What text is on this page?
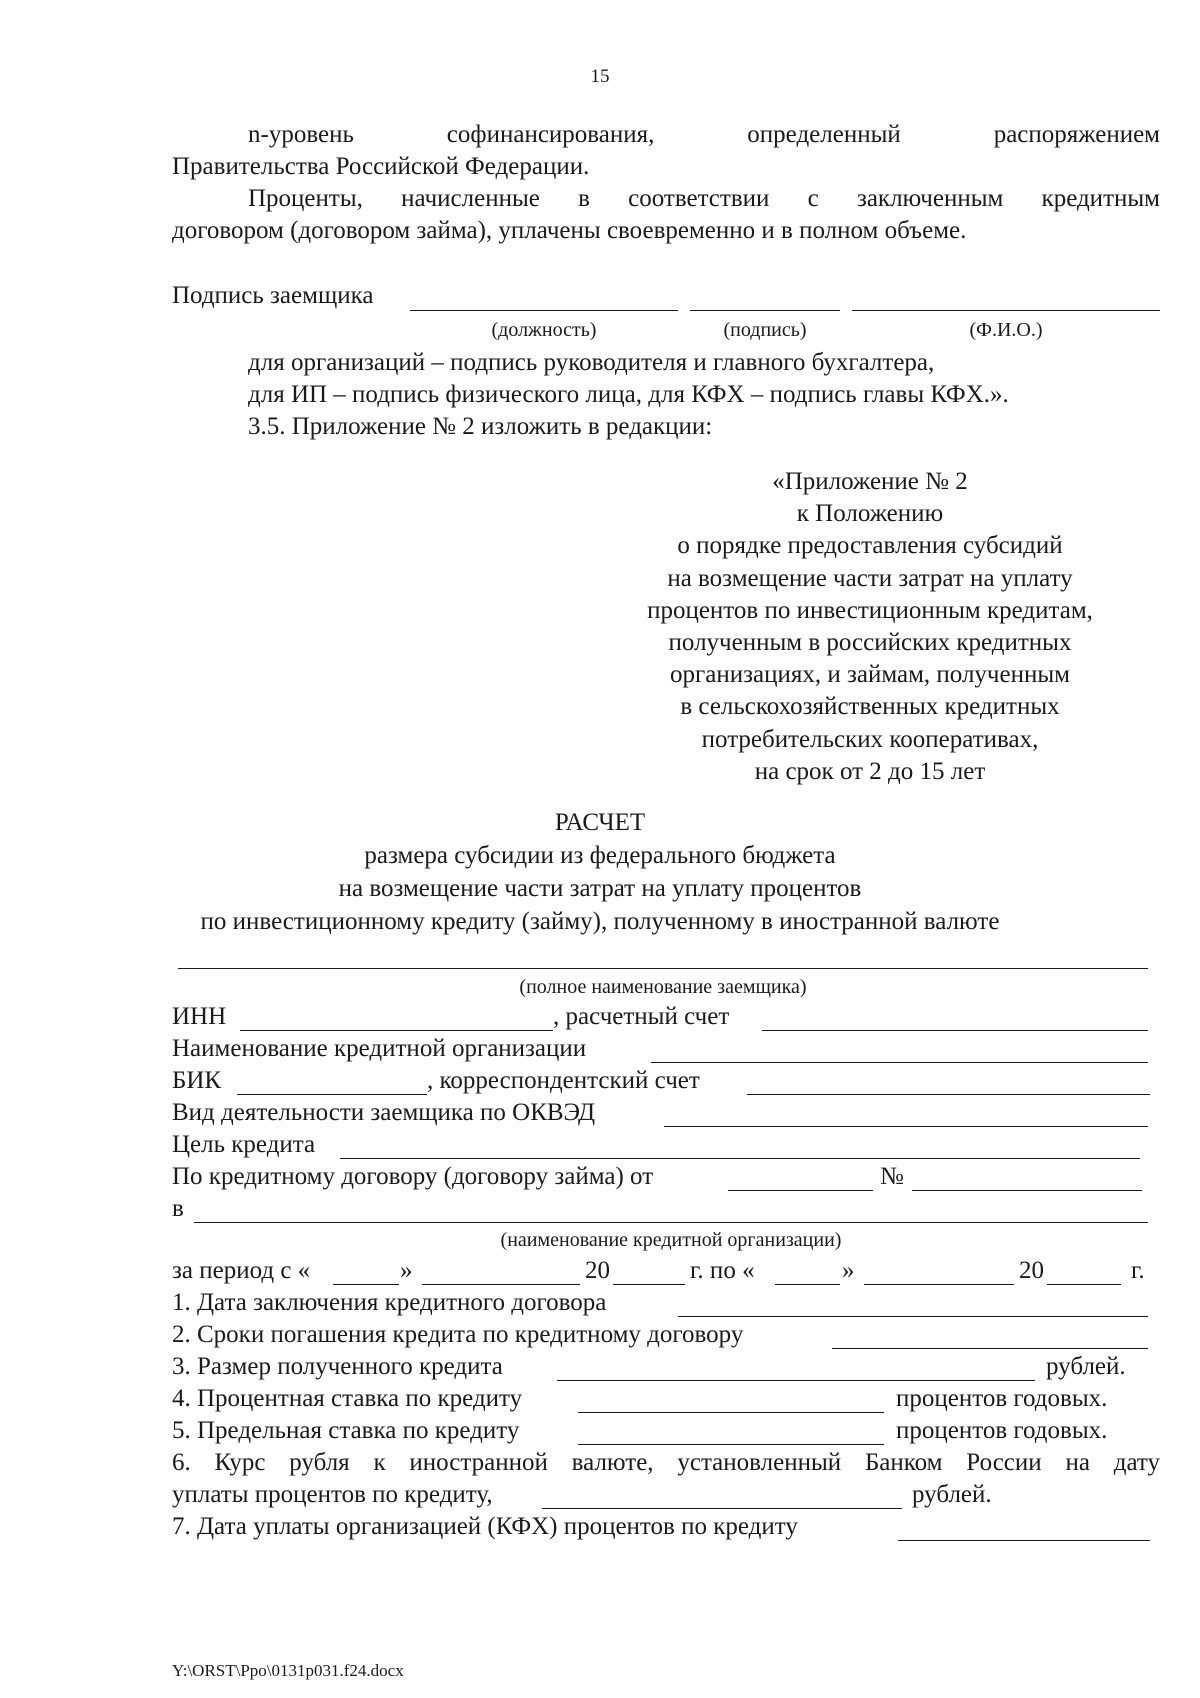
15
n-уровень софинансирования, определенный распоряжением
Правительства Российской Федерации.
Проценты, начисленные в соответствии с заключенным кредитным
договором (договором займа), уплачены своевременно и в полном объеме.
Подпись заемщика
(должность)	(подпись)	(Ф.И.О.)
для организаций – подпись руководителя и главного бухгалтера,
для ИП – подпись физического лица, для КФХ – подпись главы КФХ.».
3.5. Приложение № 2 изложить в редакции:
«Приложение № 2
к Положению
о порядке предоставления субсидий
на возмещение части затрат на уплату
процентов по инвестиционным кредитам,
полученным в российских кредитных
организациях, и займам, полученным
в сельскохозяйственных кредитных
потребительских кооперативах,
на срок от 2 до 15 лет
РАСЧЕТ
размера субсидии из федерального бюджета
на возмещение части затрат на уплату процентов
по инвестиционному кредиту (займу), полученному в иностранной валюте
(полное наименование заемщика)
ИНН	, расчетный счет
Наименование кредитной организации
БИК	, корреспондентский счет
Вид деятельности заемщика по ОКВЭД
Цель кредита
По кредитному договору (договору займа) от	№
в
(наименование кредитной организации)
за период с «	»	20	г. по «	»	20	г.
1. Дата заключения кредитного договора
2. Сроки погашения кредита по кредитному договору
3. Размер полученного кредита	рублей.
4. Процентная ставка по кредиту	процентов годовых.
5. Предельная ставка по кредиту	процентов годовых.
6. Курс рубля к иностранной валюте, установленный Банком России на дату
уплаты процентов по кредиту,	рублей.
7. Дата уплаты организацией (КФХ) процентов по кредиту
Y:\ORST\Ppo\0131p031.f24.docx
